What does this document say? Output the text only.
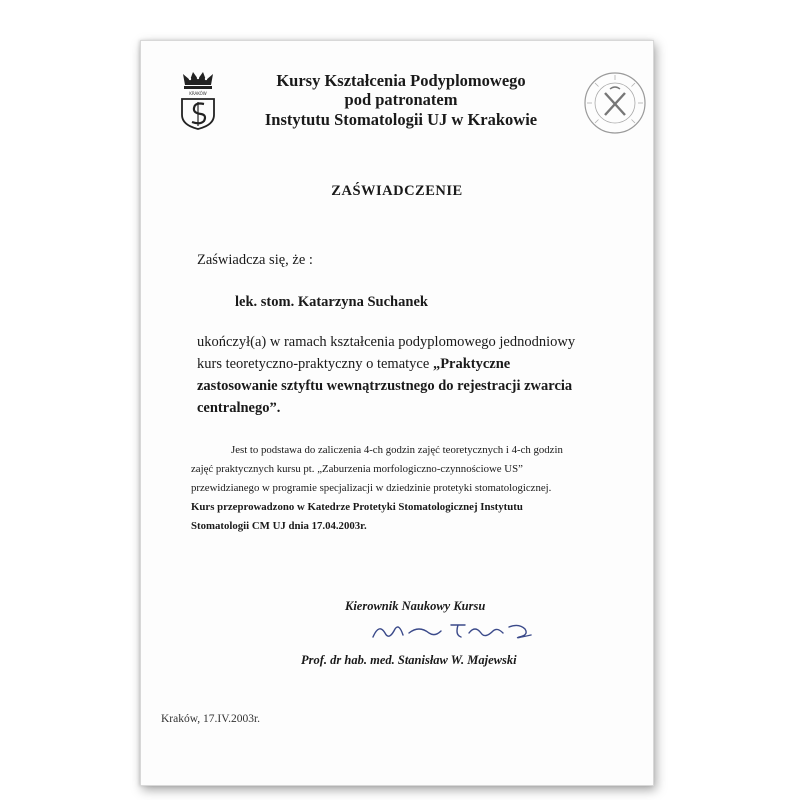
KRAKÓW
Kursy Kształcenia Podyplomowego
pod patronatem
Instytutu Stomatologii UJ w Krakowie
ZAŚWIADCZENIE
Zaświadcza się, że :
lek. stom. Katarzyna Suchanek
ukończył(a) w ramach kształcenia podyplomowego jednodniowy
kurs teoretyczno-praktyczny o tematyce „Praktyczne
zastosowanie sztyftu wewnątrzustnego do rejestracji zwarcia
centralnego”.
Jest to podstawa do zaliczenia 4-ch godzin zajęć teoretycznych i 4-ch godzin
zajęć praktycznych kursu pt. „Zaburzenia morfologiczno-czynnościowe US”
przewidzianego w programie specjalizacji w dziedzinie protetyki stomatologicznej.
Kurs przeprowadzono w Katedrze Protetyki Stomatologicznej Instytutu
Stomatologii CM UJ dnia 17.04.2003r.
Kierownik Naukowy Kursu
Prof. dr hab. med. Stanisław W. Majewski
Kraków, 17.IV.2003r.
